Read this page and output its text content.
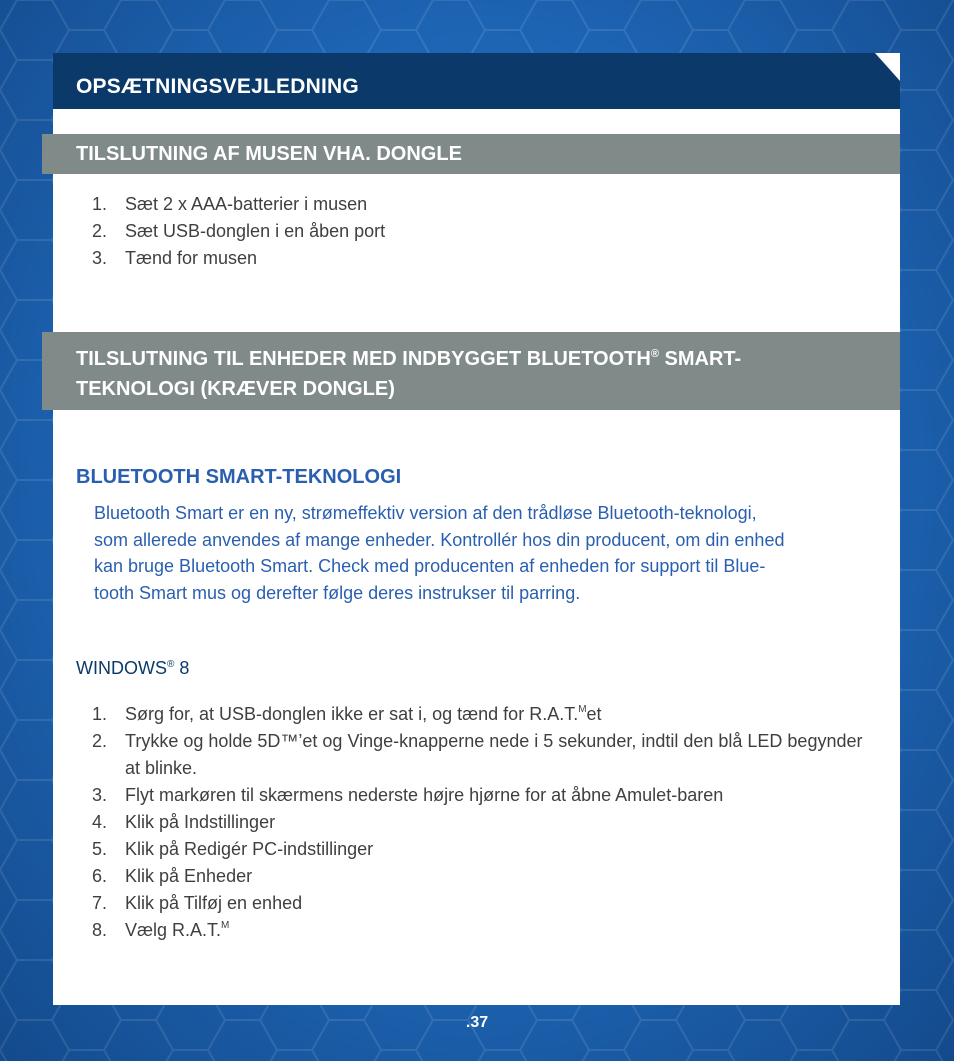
OPSÆTNINGSVEJLEDNING
TILSLUTNING AF MUSEN VHA. DONGLE
1. Sæt 2 x AAA-batterier i musen
2. Sæt USB-donglen i en åben port
3. Tænd for musen
TILSLUTNING TIL ENHEDER MED INDBYGGET BLUETOOTH® SMART-
TEKNOLOGI (KRÆVER DONGLE)
BLUETOOTH SMART-TEKNOLOGI

Bluetooth Smart er en ny, strømeffektiv version af den trådløse Bluetooth-teknologi,
som allerede anvendes af mange enheder. Kontrollér hos din producent, om din enhed
kan bruge Bluetooth Smart. Check med producenten af enheden for support til Blue-
tooth Smart mus og derefter følge deres instrukser til parring.

WINDOWS® 8
1. Sørg for, at USB-donglen ikke er sat i, og tænd for R.A.T.$^M$et
2. Trykke og holde 5D™’et og Vinge-knapperne nede i 5 sekunder, indtil den blå LED begynder at blinke.
3. Flyt markøren til skærmens nederste højre hjørne for at åbne Amulet-baren
4. Klik på Indstillinger
5. Klik på Redigér PC-indstillinger
6. Klik på Enheder
7. Klik på Tilføj en enhed
8. Vælg R.A.T.$^M$
.37
